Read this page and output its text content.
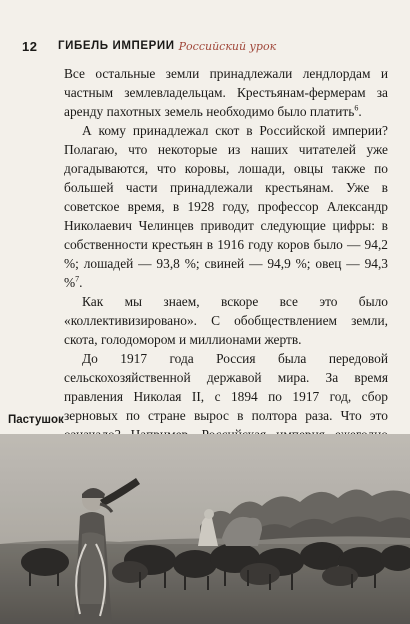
12	ГИБЕЛЬ ИМПЕРИИ Российский урок

Все остальные земли принадлежали лендлордам и частным землевладельцам. Крестьянам-фермерам за аренду пахотных земель необходимо было платить$^6$.

А кому принадлежал скот в Российской империи? Полагаю, что некоторые из наших читателей уже догадываются, что коровы, лошади, овцы также по большей части принадлежали крестьянам. Уже в советское время, в 1928 году, профессор Александр Николаевич Челинцев приводит следующие цифры: в собственности крестьян в 1916 году коров было — 94,2 %; лошадей — 93,8 %; свиней — 94,9 %; овец — 94,3 %$^7$.

Как мы знаем, вскоре все это было «коллективизировано». С обобществлением земли, скота, голодомором и миллионами жертв.

До 1917 года Россия была передовой сельскохозяйственной державой мира. За время правления Николая II, с 1894 по 1917 год, сбор зерновых по стране вырос в полтора раза. Что это

Пастушок
